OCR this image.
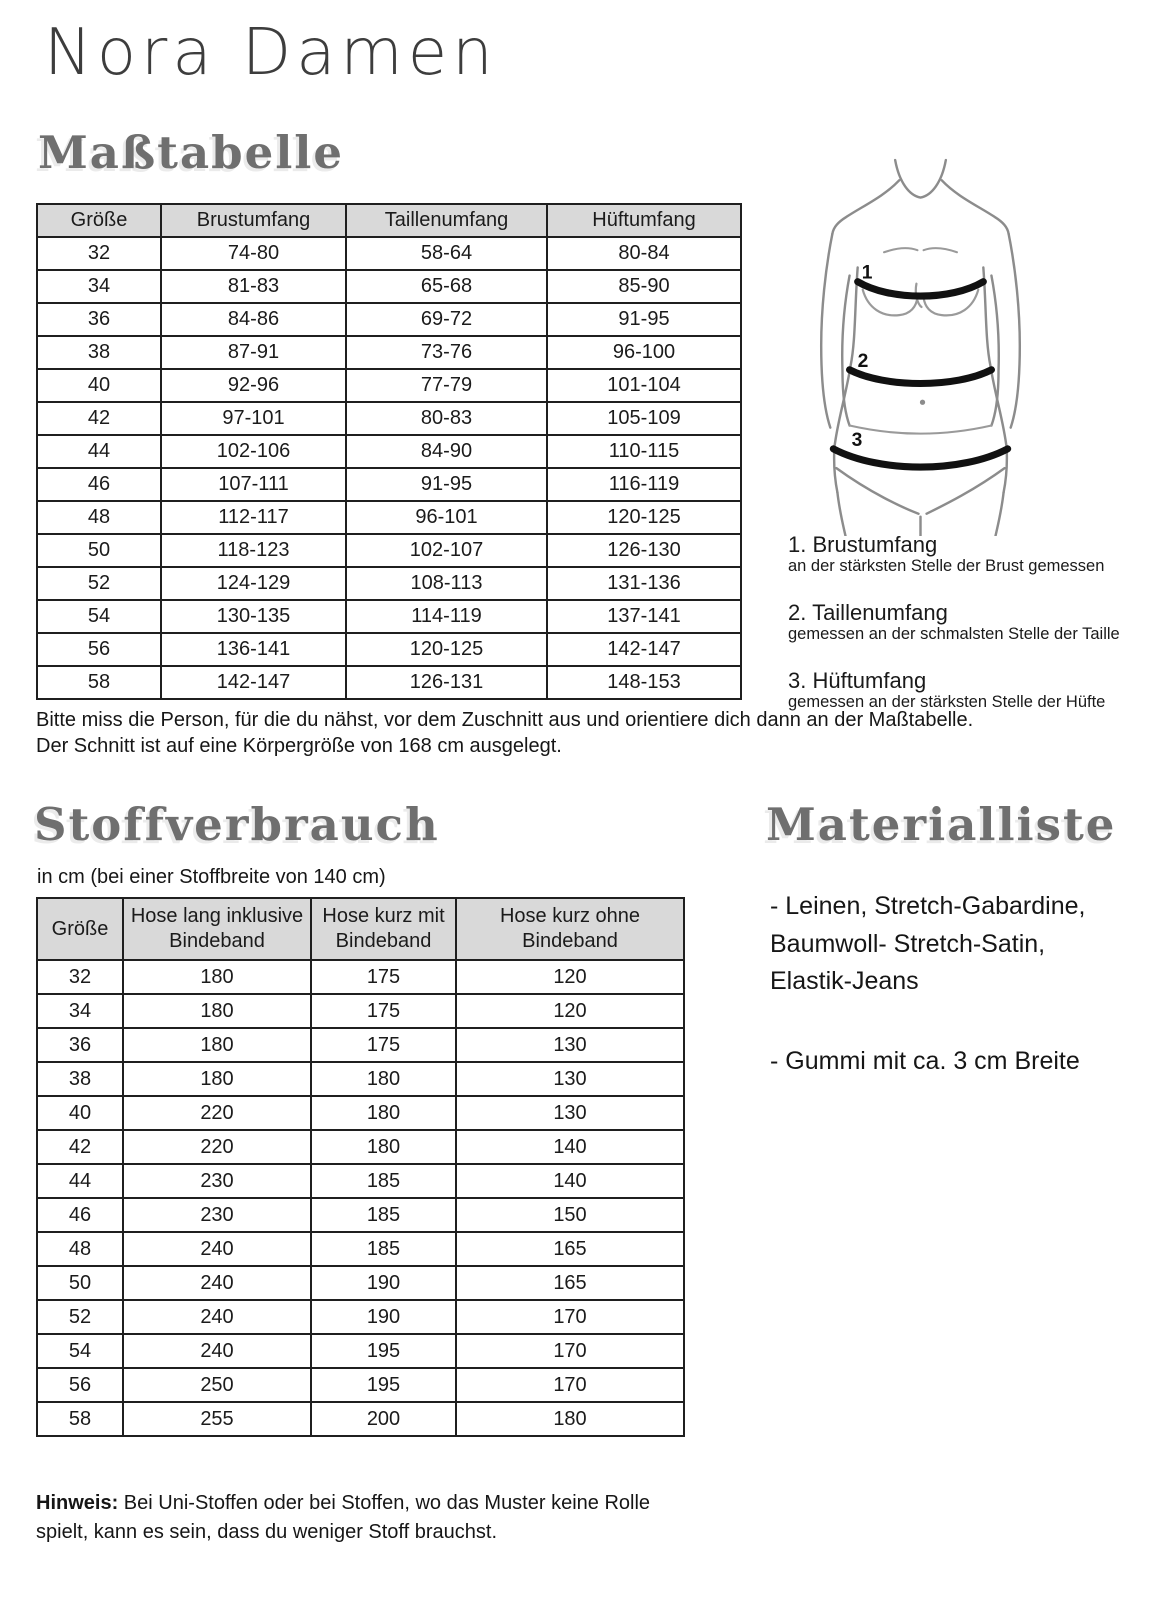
Nora Damen
Maßtabelle
Größe	Brustumfang	Taillenumfang	Hüftumfang
32	74-80	58-64	80-84
34	81-83	65-68	85-90
36	84-86	69-72	91-95
38	87-91	73-76	96-100
40	92-96	77-79	101-104
42	97-101	80-83	105-109
44	102-106	84-90	110-115
46	107-111	91-95	116-119
48	112-117	96-101	120-125
50	118-123	102-107	126-130
52	124-129	108-113	131-136
54	130-135	114-119	137-141
56	136-141	120-125	142-147
58	142-147	126-131	148-153
1
2
3
1. Brustumfang
an der stärksten Stelle der Brust gemessen
2. Taillenumfang
gemessen an der schmalsten Stelle der Taille
3. Hüftumfang
gemessen an der stärksten Stelle der Hüfte
Bitte miss die Person, für die du nähst, vor dem Zuschnitt aus und orientiere dich dann an der Maßtabelle.
Der Schnitt ist auf eine Körpergröße von 168 cm ausgelegt.
Stoffverbrauch
in cm (bei einer Stoffbreite von 140 cm)
Größe	Hose lang inklusive Bindeband	Hose kurz mit Bindeband	Hose kurz ohne Bindeband
32	180	175	120
34	180	175	120
36	180	175	130
38	180	180	130
40	220	180	130
42	220	180	140
44	230	185	140
46	230	185	150
48	240	185	165
50	240	190	165
52	240	190	170
54	240	195	170
56	250	195	170
58	255	200	180
Materialliste
- Leinen, Stretch-Gabardine, Baumwoll- Stretch-Satin, Elastik-Jeans
- Gummi mit ca. 3 cm Breite
Hinweis: Bei Uni-Stoffen oder bei Stoffen, wo das Muster keine Rolle spielt, kann es sein, dass du weniger Stoff brauchst.
